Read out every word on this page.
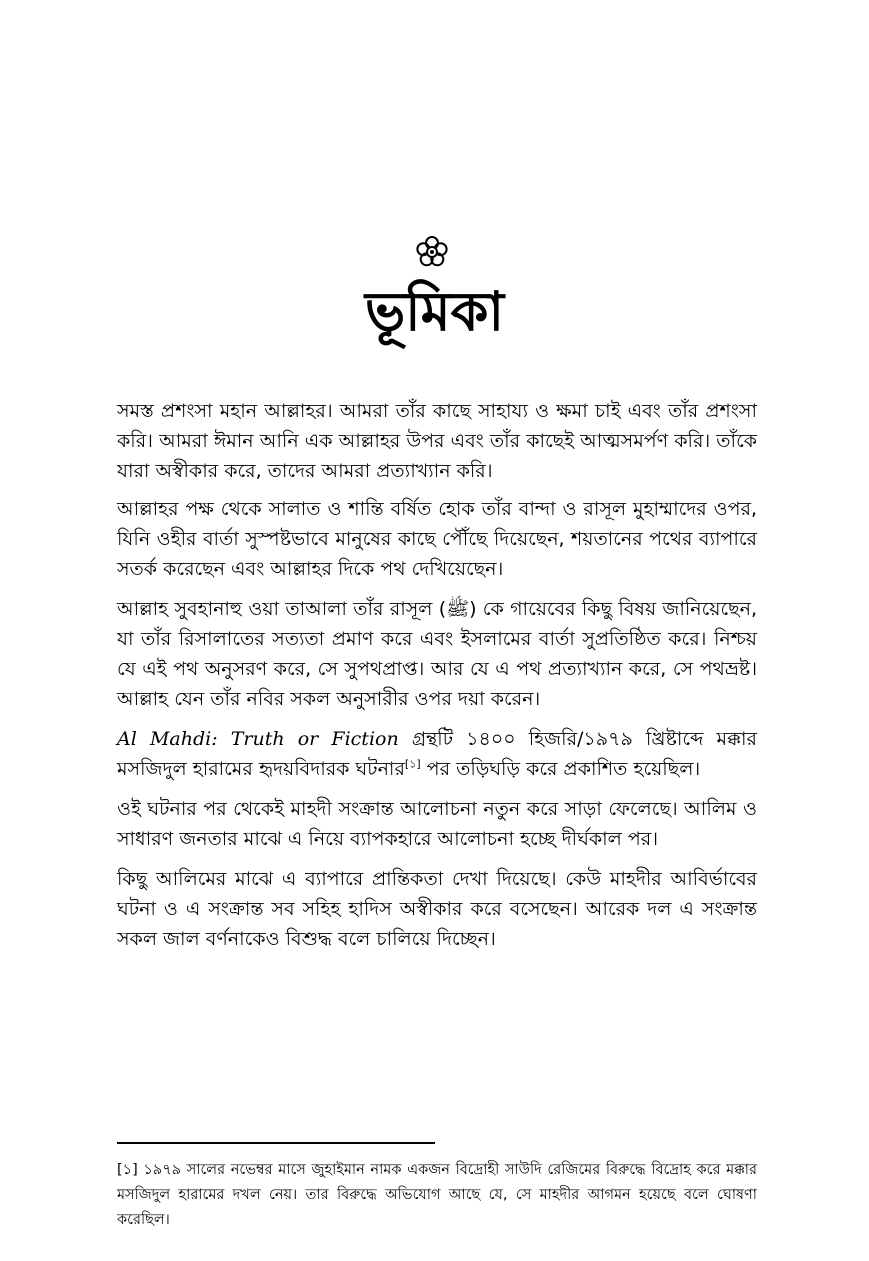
ভূমিকা

সমস্ত প্রশংসা মহান আল্লাহর। আমরা তাঁর কাছে সাহায্য ও ক্ষমা চাই এবং তাঁর প্রশংসা করি। আমরা ঈমান আনি এক আল্লাহর উপর এবং তাঁর কাছেই আত্মসমর্পণ করি। তাঁকে যারা অস্বীকার করে, তাদের আমরা প্রত্যাখ্যান করি।

আল্লাহর পক্ষ থেকে সালাত ও শান্তি বর্ষিত হোক তাঁর বান্দা ও রাসূল মুহাম্মাদের ওপর, যিনি ওহীর বার্তা সুস্পষ্টভাবে মানুষের কাছে পৌঁছে দিয়েছেন, শয়তানের পথের ব্যাপারে সতর্ক করেছেন এবং আল্লাহর দিকে পথ দেখিয়েছেন।

আল্লাহ সুবহানাহু ওয়া তাআলা তাঁর রাসূল (ﷺ) কে গায়েবের কিছু বিষয় জানিয়েছেন, যা তাঁর রিসালাতের সত্যতা প্রমাণ করে এবং ইসলামের বার্তা সুপ্রতিষ্ঠিত করে। নিশ্চয় যে এই পথ অনুসরণ করে, সে সুপথপ্রাপ্ত। আর যে এ পথ প্রত্যাখ্যান করে, সে পথভ্রষ্ট। আল্লাহ যেন তাঁর নবির সকল অনুসারীর ওপর দয়া করেন।

Al Mahdi: Truth or Fiction গ্রন্থটি ১৪০০ হিজরি/১৯৭৯ খ্রিষ্টাব্দে মক্কার মসজিদুল হারামের হৃদয়বিদারক ঘটনার[১] পর তড়িঘড়ি করে প্রকাশিত হয়েছিল।

ওই ঘটনার পর থেকেই মাহদী সংক্রান্ত আলোচনা নতুন করে সাড়া ফেলেছে। আলিম ও সাধারণ জনতার মাঝে এ নিয়ে ব্যাপকহারে আলোচনা হচ্ছে দীর্ঘকাল পর।

কিছু আলিমের মাঝে এ ব্যাপারে প্রান্তিকতা দেখা দিয়েছে। কেউ মাহদীর আবির্ভাবের ঘটনা ও এ সংক্রান্ত সব সহিহ হাদিস অস্বীকার করে বসেছেন। আরেক দল এ সংক্রান্ত সকল জাল বর্ণনাকেও বিশুদ্ধ বলে চালিয়ে দিচ্ছেন।

[১] ১৯৭৯ সালের নভেম্বর মাসে জুহাইমান নামক একজন বিদ্রোহী সাউদি রেজিমের বিরুদ্ধে বিদ্রোহ করে মক্কার মসজিদুল হারামের দখল নেয়। তার বিরুদ্ধে অভিযোগ আছে যে, সে মাহদীর আগমন হয়েছে বলে ঘোষণা করেছিল।
